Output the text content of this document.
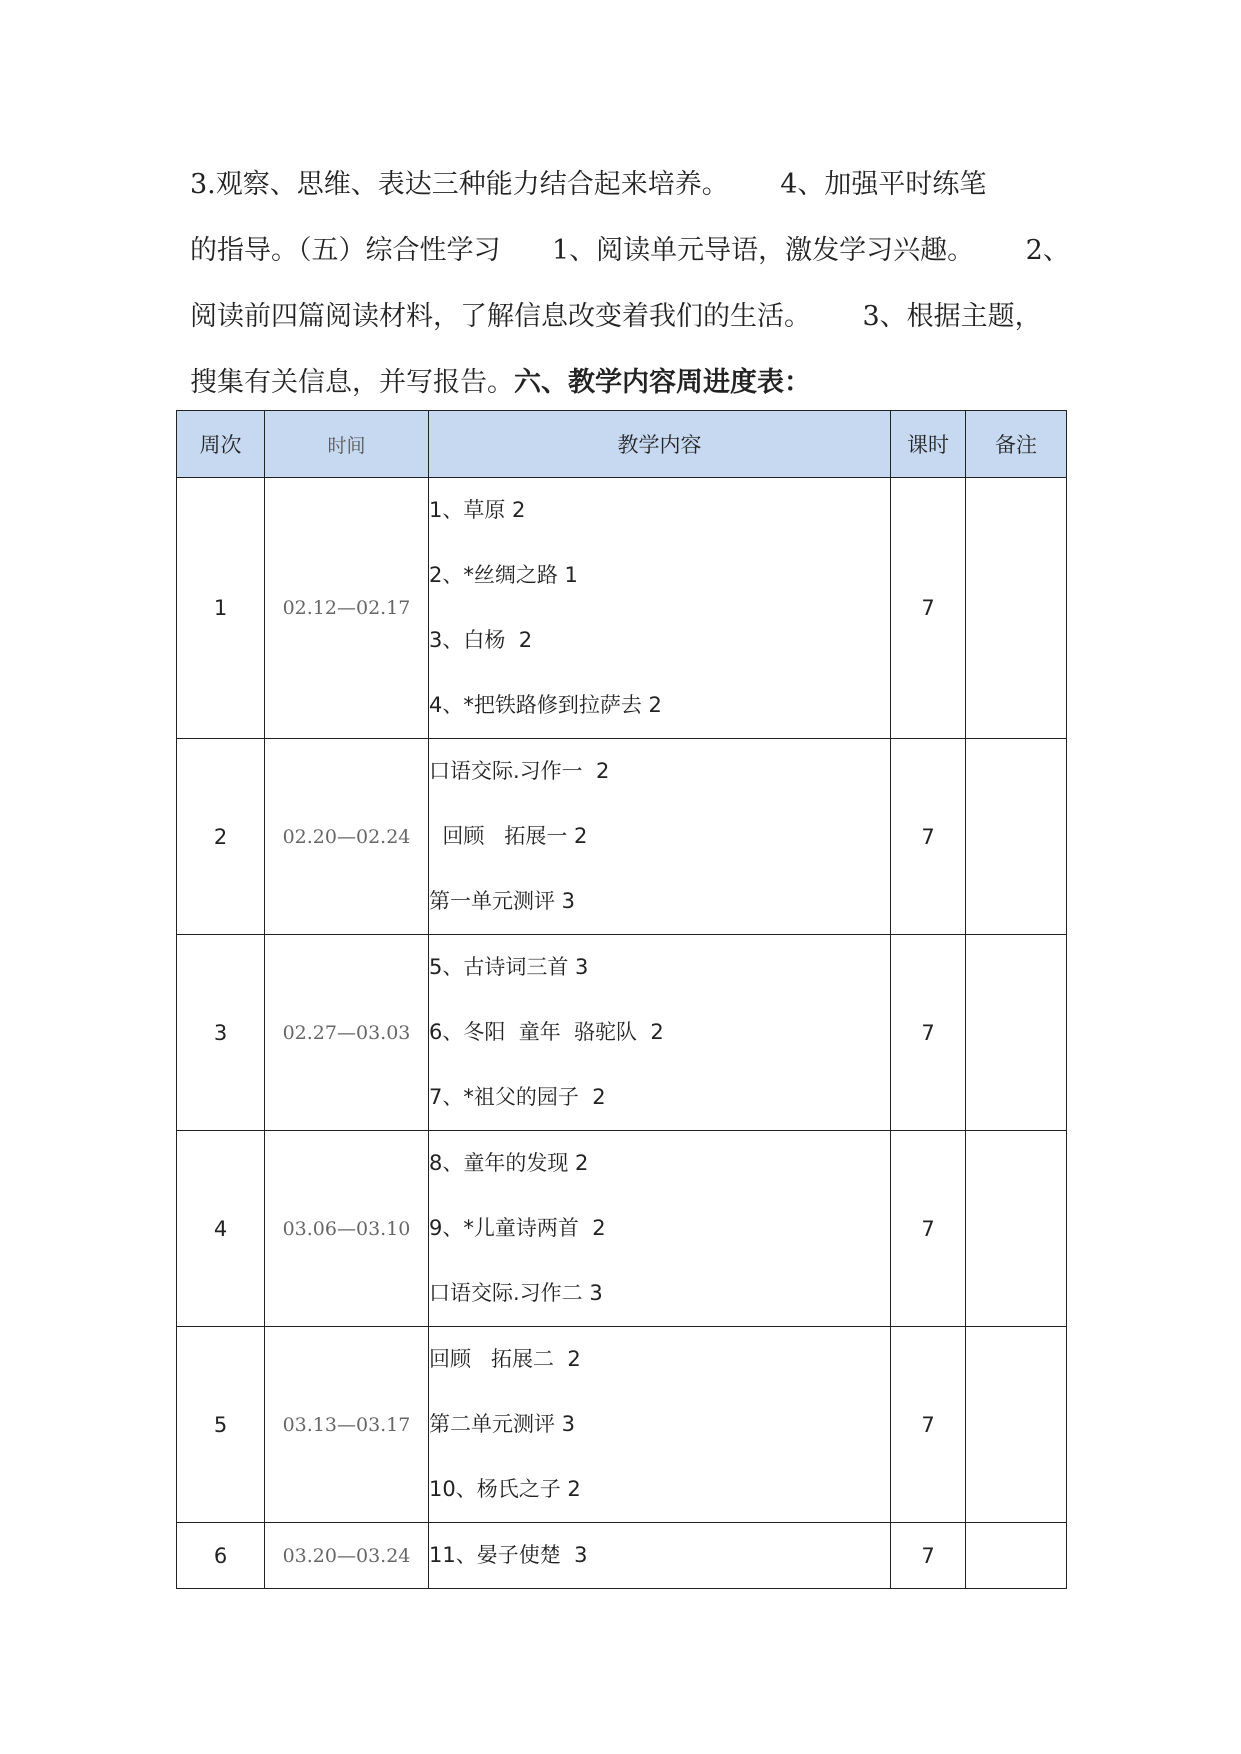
3.观察、思维、表达三种能力结合起来培养。      4、加强平时练笔
的指导。（五）综合性学习      1、阅读单元导语，激发学习兴趣。      2、
阅读前四篇阅读材料，了解信息改变着我们的生活。      3、根据主题，
搜集有关信息，并写报告。六、教学内容周进度表：
周次	时间	教学内容	课时	备注
1	02.12—02.17	1、草原 2
2、*丝绸之路 1
3、白杨  2
4、*把铁路修到拉萨去 2	7	
2	02.20—02.24	口语交际.习作一  2
回顾   拓展一 2
第一单元测评 3	7	
3	02.27—03.03	5、古诗词三首 3
6、冬阳  童年  骆驼队  2
7、*祖父的园子  2	7	
4	03.06—03.10	8、童年的发现 2
9、*儿童诗两首  2
口语交际.习作二 3	7	
5	03.13—03.17	回顾   拓展二  2
第二单元测评 3
10、杨氏之子 2	7	
6	03.20—03.24	11、晏子使楚  3	7	
